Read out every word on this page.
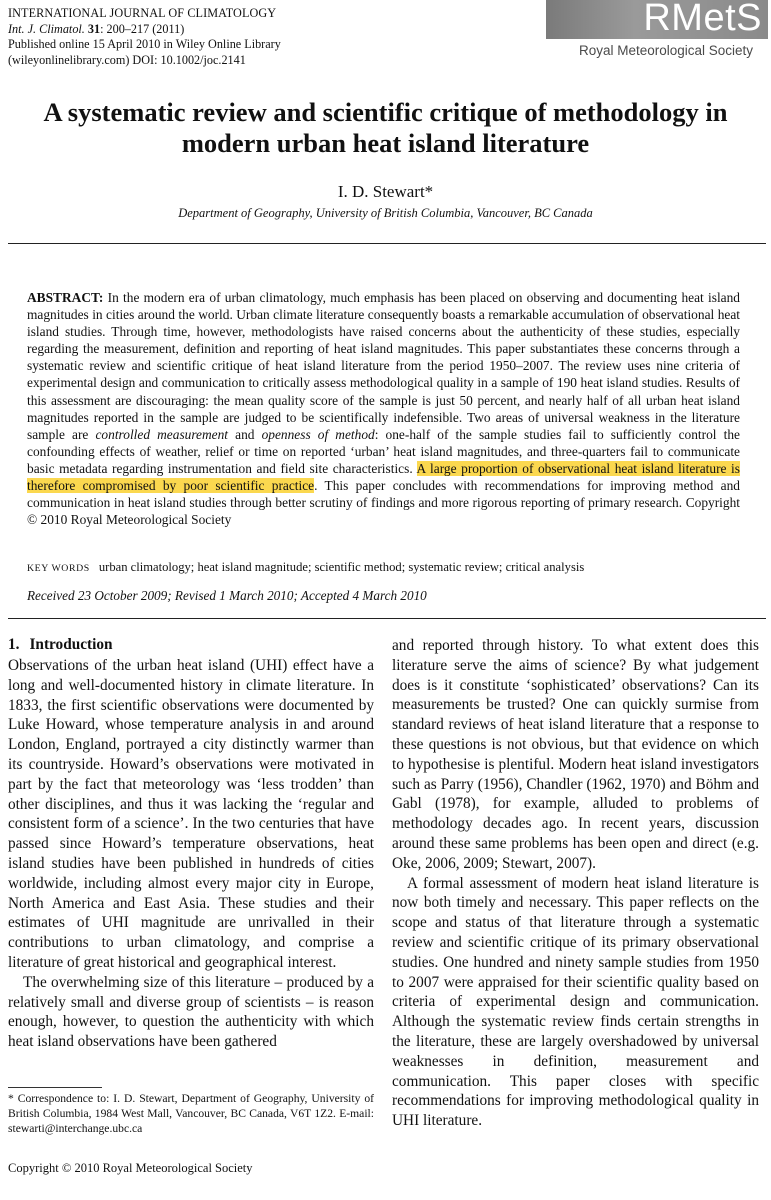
INTERNATIONAL JOURNAL OF CLIMATOLOGY
Int. J. Climatol. 31: 200–217 (2011)
Published online 15 April 2010 in Wiley Online Library
(wileyonlinelibrary.com) DOI: 10.1002/joc.2141
RMetS
Royal Meteorological Society
A systematic review and scientific critique of methodology in
modern urban heat island literature
I. D. Stewart*
Department of Geography, University of British Columbia, Vancouver, BC Canada
ABSTRACT: In the modern era of urban climatology, much emphasis has been placed on observing and documenting heat island magnitudes in cities around the world. Urban climate literature consequently boasts a remarkable accumulation of observational heat island studies. Through time, however, methodologists have raised concerns about the authenticity of these studies, especially regarding the measurement, definition and reporting of heat island magnitudes. This paper substantiates these concerns through a systematic review and scientific critique of heat island literature from the period 1950–2007. The review uses nine criteria of experimental design and communication to critically assess methodological quality in a sample of 190 heat island studies. Results of this assessment are discouraging: the mean quality score of the sample is just 50 percent, and nearly half of all urban heat island magnitudes reported in the sample are judged to be scientifically indefensible. Two areas of universal weakness in the literature sample are controlled measurement and openness of method: one-half of the sample studies fail to sufficiently control the confounding effects of weather, relief or time on reported ‘urban’ heat island magnitudes, and three-quarters fail to communicate basic metadata regarding instrumentation and field site characteristics. A large proportion of observational heat island literature is therefore compromised by poor scientific practice. This paper concludes with recommendations for improving method and communication in heat island studies through better scrutiny of findings and more rigorous reporting of primary research. Copyright © 2010 Royal Meteorological Society
KEY WORDS urban climatology; heat island magnitude; scientific method; systematic review; critical analysis
Received 23 October 2009; Revised 1 March 2010; Accepted 4 March 2010
1. Introduction

Observations of the urban heat island (UHI) effect have a long and well-documented history in climate literature. In 1833, the first scientific observations were documented by Luke Howard, whose temperature analysis in and around London, England, portrayed a city distinctly warmer than its countryside. Howard’s observations were motivated in part by the fact that meteorology was ‘less trodden’ than other disciplines, and thus it was lacking the ‘regular and consistent form of a science’. In the two centuries that have passed since Howard’s temperature observations, heat island studies have been published in hundreds of cities worldwide, including almost every major city in Europe, North America and East Asia. These studies and their estimates of UHI magnitude are unrivalled in their contributions to urban climatology, and comprise a literature of great historical and geographical interest.

The overwhelming size of this literature – produced by a relatively small and diverse group of scientists – is reason enough, however, to question the authenticity with which heat island observations have been gathered

and reported through history. To what extent does this literature serve the aims of science? By what judgement does is it constitute ‘sophisticated’ observations? Can its measurements be trusted? One can quickly surmise from standard reviews of heat island literature that a response to these questions is not obvious, but that evidence on which to hypothesise is plentiful. Modern heat island investigators such as Parry (1956), Chandler (1962, 1970) and Böhm and Gabl (1978), for example, alluded to problems of methodology decades ago. In recent years, discussion around these same problems has been open and direct (e.g. Oke, 2006, 2009; Stewart, 2007).

A formal assessment of modern heat island literature is now both timely and necessary. This paper reflects on the scope and status of that literature through a systematic review and scientific critique of its primary observational studies. One hundred and ninety sample studies from 1950 to 2007 were appraised for their scientific quality based on criteria of experimental design and communication. Although the systematic review finds certain strengths in the literature, these are largely overshadowed by universal weaknesses in definition, measurement and communication. This paper closes with specific recommendations for improving methodological quality in UHI literature.

* Correspondence to: I. D. Stewart, Department of Geography, University of British Columbia, 1984 West Mall, Vancouver, BC Canada, V6T 1Z2. E-mail: stewarti@interchange.ubc.ca
Copyright © 2010 Royal Meteorological Society
